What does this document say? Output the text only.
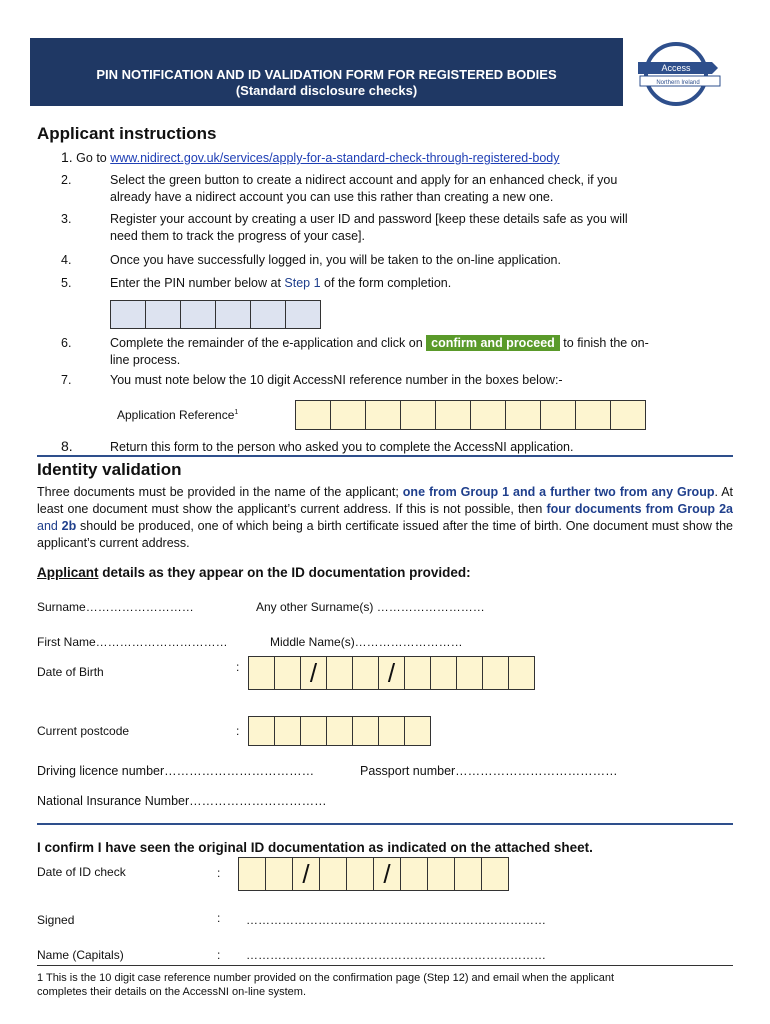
PIN NOTIFICATION AND ID VALIDATION FORM FOR REGISTERED BODIES
(Standard disclosure checks)
Access
Northern Ireland
Applicant instructions
1. Go to www.nidirect.gov.uk/services/apply-for-a-standard-check-through-registered-body
2.	Select the green button to create a nidirect account and apply for an enhanced check, if you
already have a nidirect account you can use this rather than creating a new one.
3.	Register your account by creating a user ID and password [keep these details safe as you will
need them to track the progress of your case].
4.	Once you have successfully logged in, you will be taken to the on-line application.
5.	Enter the PIN number below at Step 1 of the form completion.
6.	Complete the remainder of the e-application and click on confirm and proceed to finish the on-
line process.
7.	You must note below the 10 digit AccessNI reference number in the boxes below:-
Application Reference$^1$
8.	Return this form to the person who asked you to complete the AccessNI application.
Identity validation
Three documents must be provided in the name of the applicant; one from Group 1 and a further two from any Group. At least one document must show the applicant’s current address. If this is not possible, then four documents from Group 2a and 2b should be produced, one of which being a birth certificate issued after the time of birth. One document must show the applicant’s current address.
Applicant details as they appear on the ID documentation provided:
Surname………………………	Any other Surname(s) ………………………
First Name……………………………	Middle Name(s)………………………
Date of Birth	:	/	/
Current postcode	:
Driving licence number………………………………	Passport number…………………………………
National Insurance Number……………………………
I confirm I have seen the original ID documentation as indicated on the attached sheet.
Date of ID check	:	/	/
Signed	: …………………………………………………………………
Name (Capitals)	: …………………………………………………………………
1 This is the 10 digit case reference number provided on the confirmation page (Step 12) and email when the applicant
completes their details on the AccessNI on-line system.
